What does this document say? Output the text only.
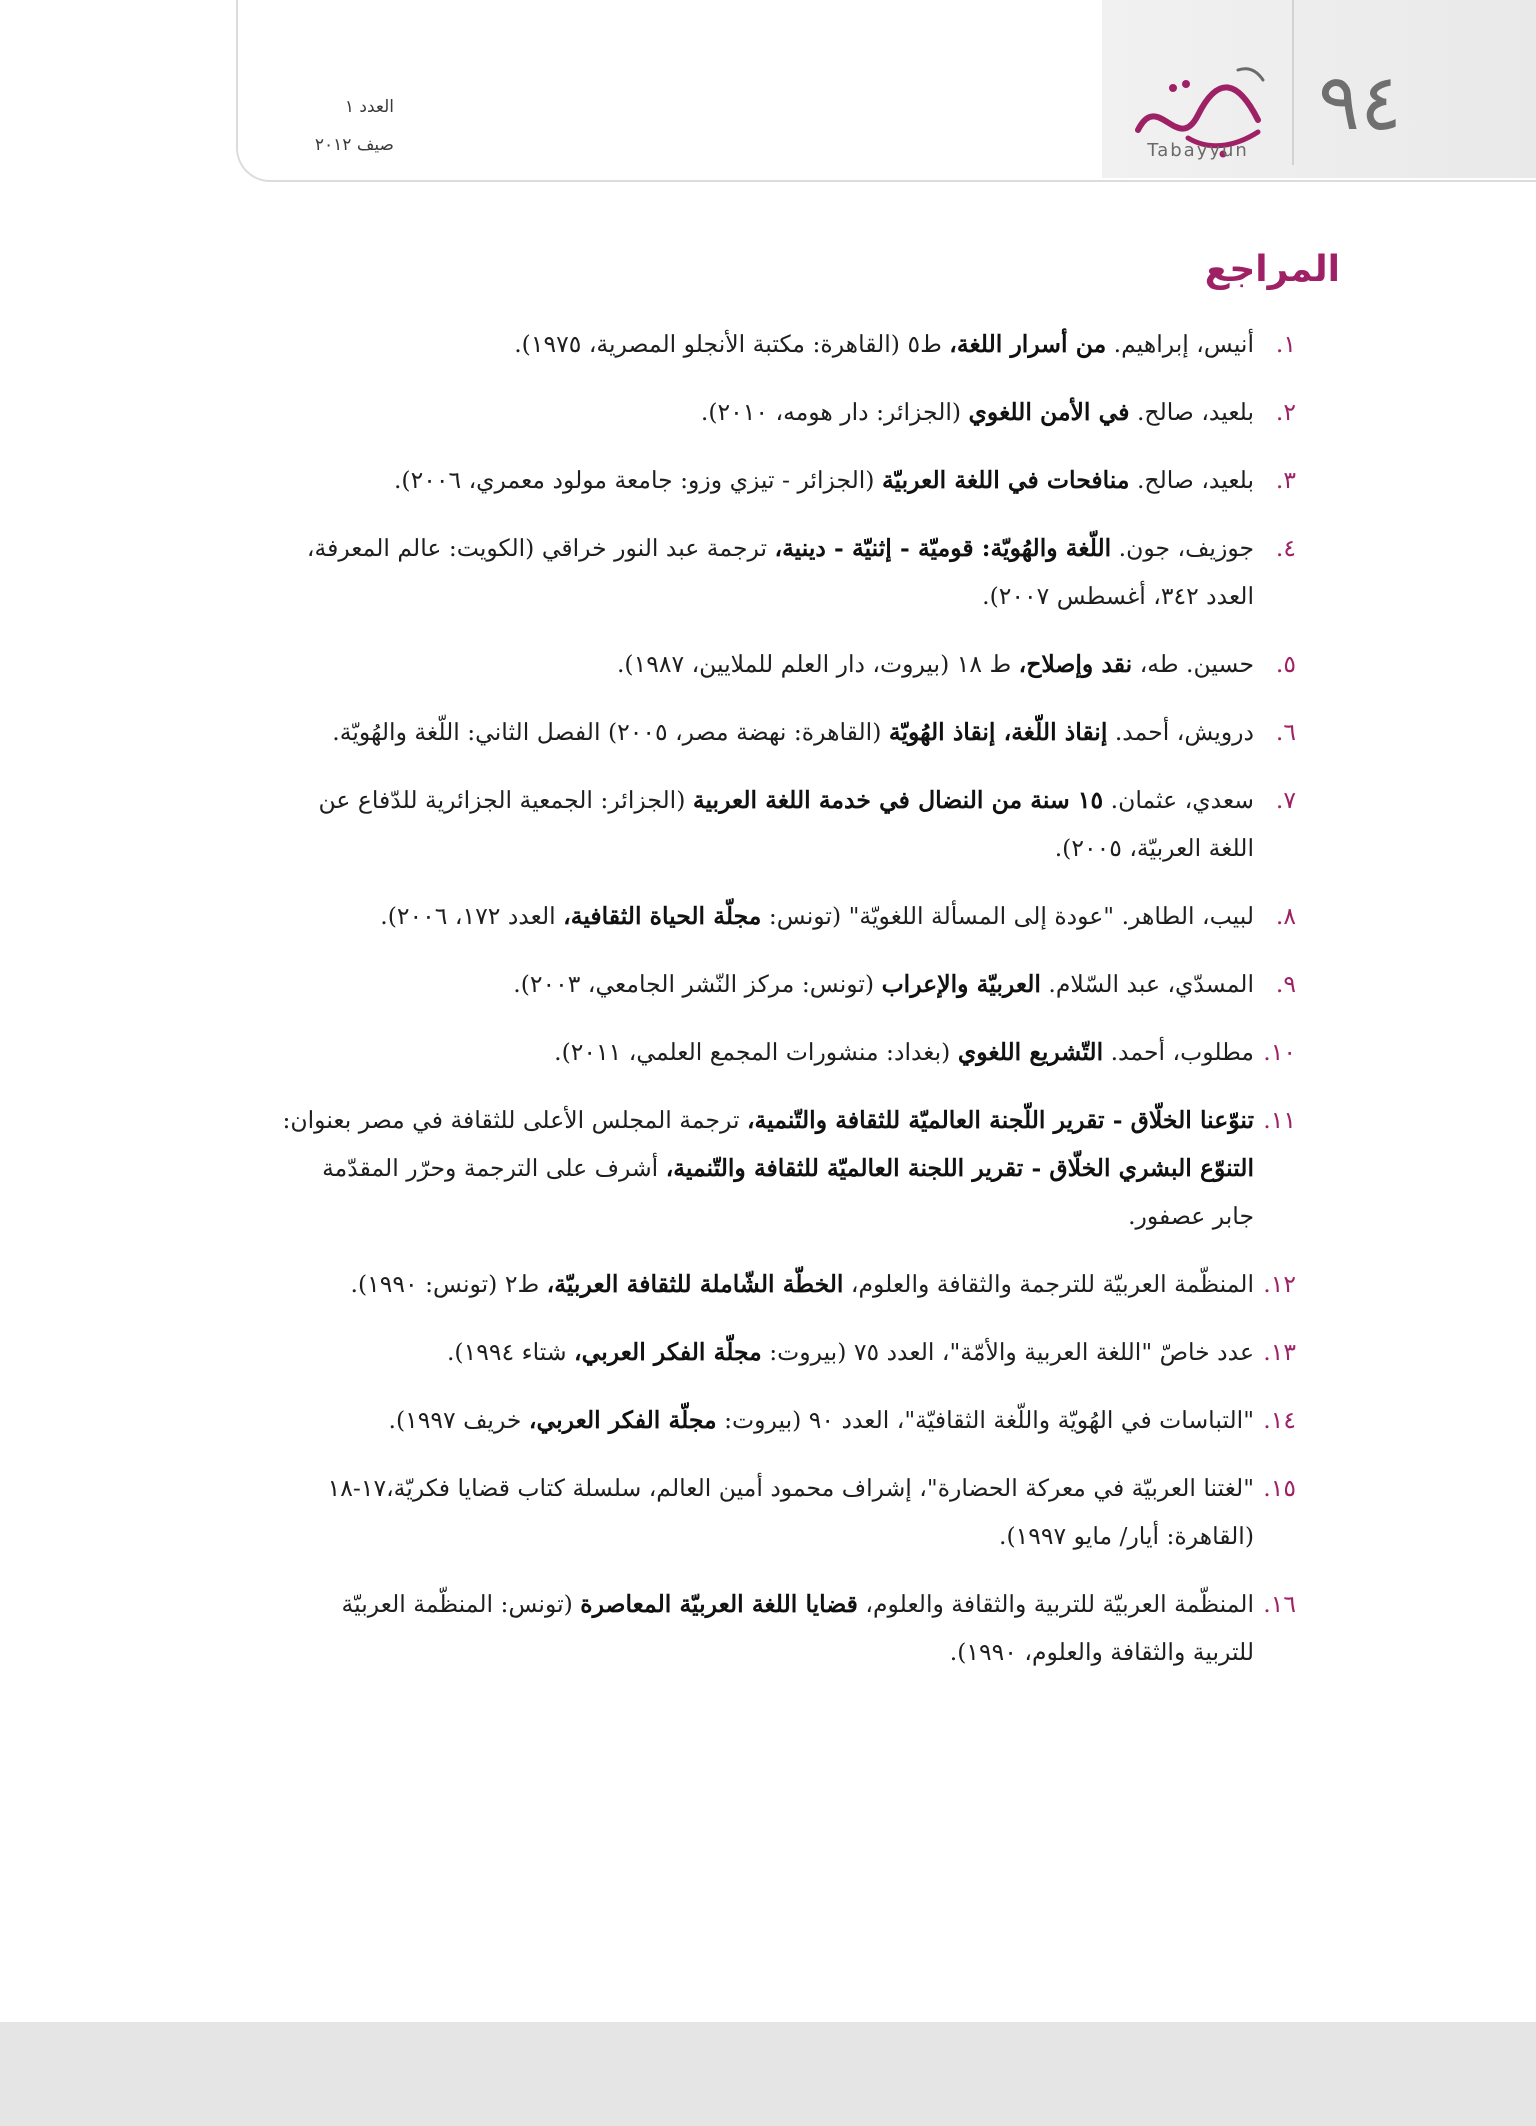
٩٤
Tabayyun
العدد ١
صيف ٢٠١٢
المراجع
١.
أنيس، إبراهيم. من أسرار اللغة، ط٥ (القاهرة: مكتبة الأنجلو المصرية، ١٩٧٥).
٢.
بلعيد، صالح. في الأمن اللغوي (الجزائر: دار هومه، ٢٠١٠).
٣.
بلعيد، صالح. منافحات في اللغة العربيّة (الجزائر - تيزي وزو: جامعة مولود معمري، ٢٠٠٦).
٤.
جوزيف، جون. اللّغة والهُويّة: قوميّة - إثنيّة - دينية، ترجمة عبد النور خراقي (الكويت: عالم المعرفة، العدد ٣٤٢، أغسطس ٢٠٠٧).
٥.
حسين. طه، نقد وإصلاح، ط ١٨ (بيروت، دار العلم للملايين، ١٩٨٧).
٦.
درويش، أحمد. إنقاذ اللّغة، إنقاذ الهُويّة (القاهرة: نهضة مصر، ٢٠٠٥) الفصل الثاني: اللّغة والهُويّة.
٧.
سعدي، عثمان. ١٥ سنة من النضال في خدمة اللغة العربية (الجزائر: الجمعية الجزائرية للدّفاع عن اللغة العربيّة، ٢٠٠٥).
٨.
لبيب، الطاهر. "عودة إلى المسألة اللغويّة" (تونس: مجلّة الحياة الثقافية، العدد ١٧٢، ٢٠٠٦).
٩.
المسدّي، عبد السّلام. العربيّة والإعراب (تونس: مركز النّشر الجامعي، ٢٠٠٣).
١٠.
مطلوب، أحمد. التّشريع اللغوي (بغداد: منشورات المجمع العلمي، ٢٠١١).
١١.
تنوّعنا الخلّاق - تقرير اللّجنة العالميّة للثقافة والتّنمية، ترجمة المجلس الأعلى للثقافة في مصر بعنوان: التنوّع البشري الخلّاق - تقرير اللجنة العالميّة للثقافة والتّنمية، أشرف على الترجمة وحرّر المقدّمة جابر عصفور.
١٢.
المنظّمة العربيّة للترجمة والثقافة والعلوم، الخطّة الشّاملة للثقافة العربيّة، ط٢ (تونس: ١٩٩٠).
١٣.
عدد خاصّ "اللغة العربية والأمّة"، العدد ٧٥ (بيروت: مجلّة الفكر العربي، شتاء ١٩٩٤).
١٤.
"التباسات في الهُويّة واللّغة الثقافيّة"، العدد ٩٠ (بيروت: مجلّة الفكر العربي، خريف ١٩٩٧).
١٥.
"لغتنا العربيّة في معركة الحضارة"، إشراف محمود أمين العالم، سلسلة كتاب قضايا فكريّة،١٧-١٨ (القاهرة: أيار/ مايو ١٩٩٧).
١٦.
المنظّمة العربيّة للتربية والثقافة والعلوم، قضايا اللغة العربيّة المعاصرة (تونس: المنظّمة العربيّة للتربية والثقافة والعلوم، ١٩٩٠).
